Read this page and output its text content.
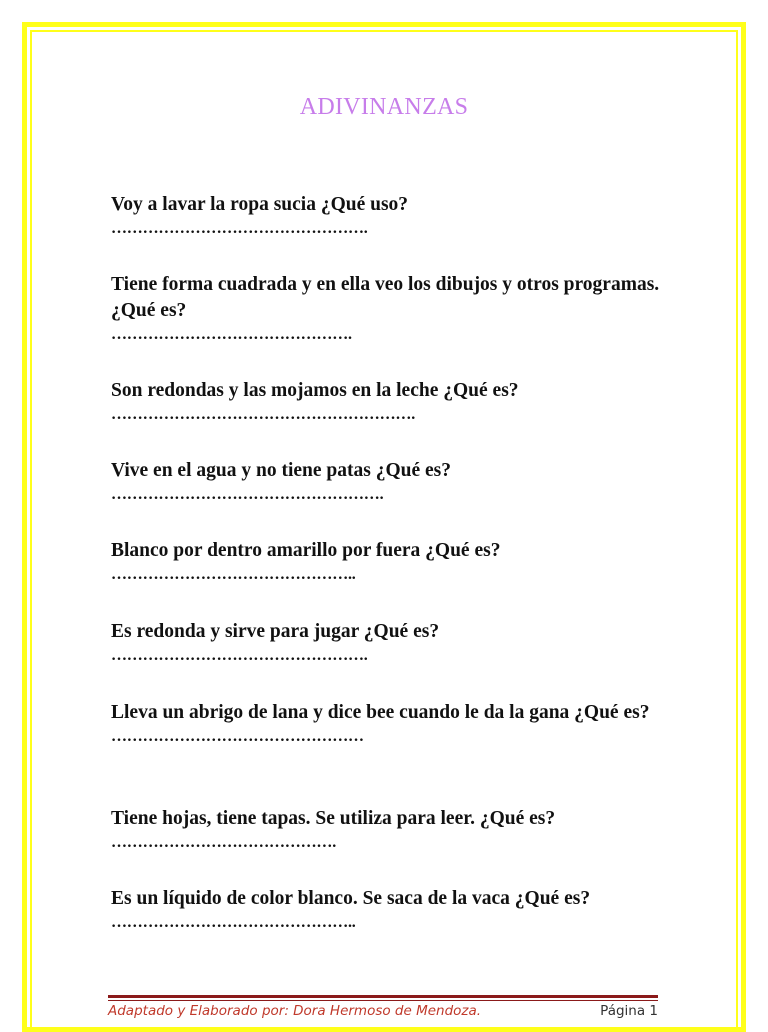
ADIVINANZAS

Voy a lavar la ropa sucia ¿Qué uso?

………………………………………….

Tiene forma cuadrada y en ella veo los dibujos y otros programas. ¿Qué es?

……………………………………….

Son redondas y las mojamos en la leche ¿Qué es?

………………………………………………….

Vive en el agua y no tiene patas ¿Qué es?

…………………………………………….

Blanco por dentro amarillo por fuera ¿Qué es?

………………………………………..

Es redonda y sirve para jugar ¿Qué es?

………………………………………….

Lleva un abrigo de lana y dice bee cuando le da la gana ¿Qué es?

…………………………………………

Tiene hojas, tiene tapas. Se utiliza para leer. ¿Qué es?

…………………………………….

Es un líquido de color blanco. Se saca de la vaca ¿Qué es?

………………………………………..

Adaptado y Elaborado por: Dora Hermoso de Mendoza.	Página 1
